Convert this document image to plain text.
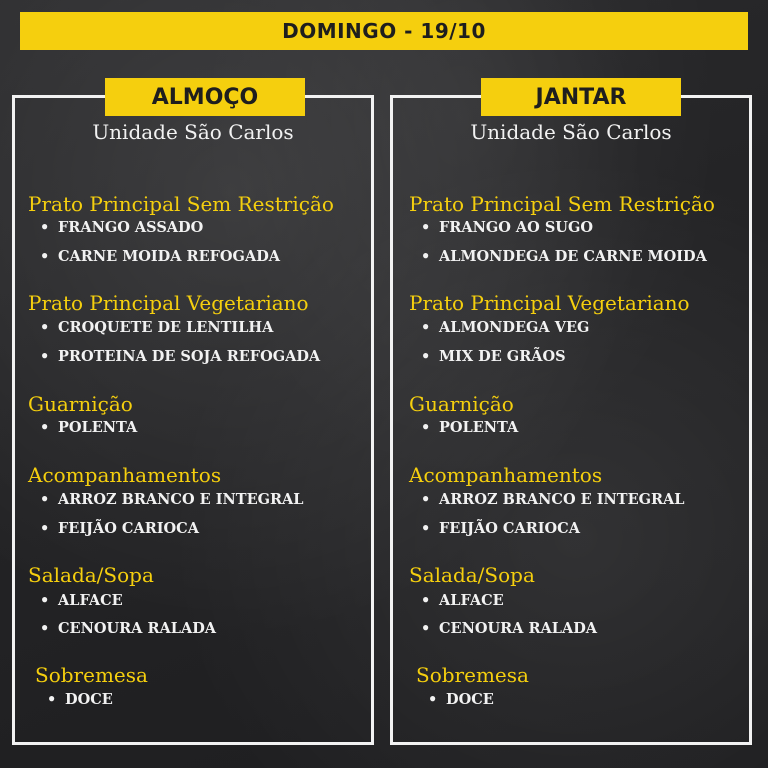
DOMINGO - 19/10
ALMOÇO	JANTAR
Unidade São Carlos	Unidade São Carlos
Prato Principal Sem Restrição
• FRANGO ASSADO
• CARNE MOIDA REFOGADA
Prato Principal Vegetariano
• CROQUETE DE LENTILHA
• PROTEINA DE SOJA REFOGADA
Guarnição
• POLENTA
Acompanhamentos
• ARROZ BRANCO E INTEGRAL
• FEIJÃO CARIOCA
Salada/Sopa
• ALFACE
• CENOURA RALADA
Sobremesa
• DOCE
Prato Principal Sem Restrição
• FRANGO AO SUGO
• ALMONDEGA DE CARNE MOIDA
Prato Principal Vegetariano
• ALMONDEGA VEG
• MIX DE GRÃOS
Guarnição
• POLENTA
Acompanhamentos
• ARROZ BRANCO E INTEGRAL
• FEIJÃO CARIOCA
Salada/Sopa
• ALFACE
• CENOURA RALADA
Sobremesa
• DOCE
